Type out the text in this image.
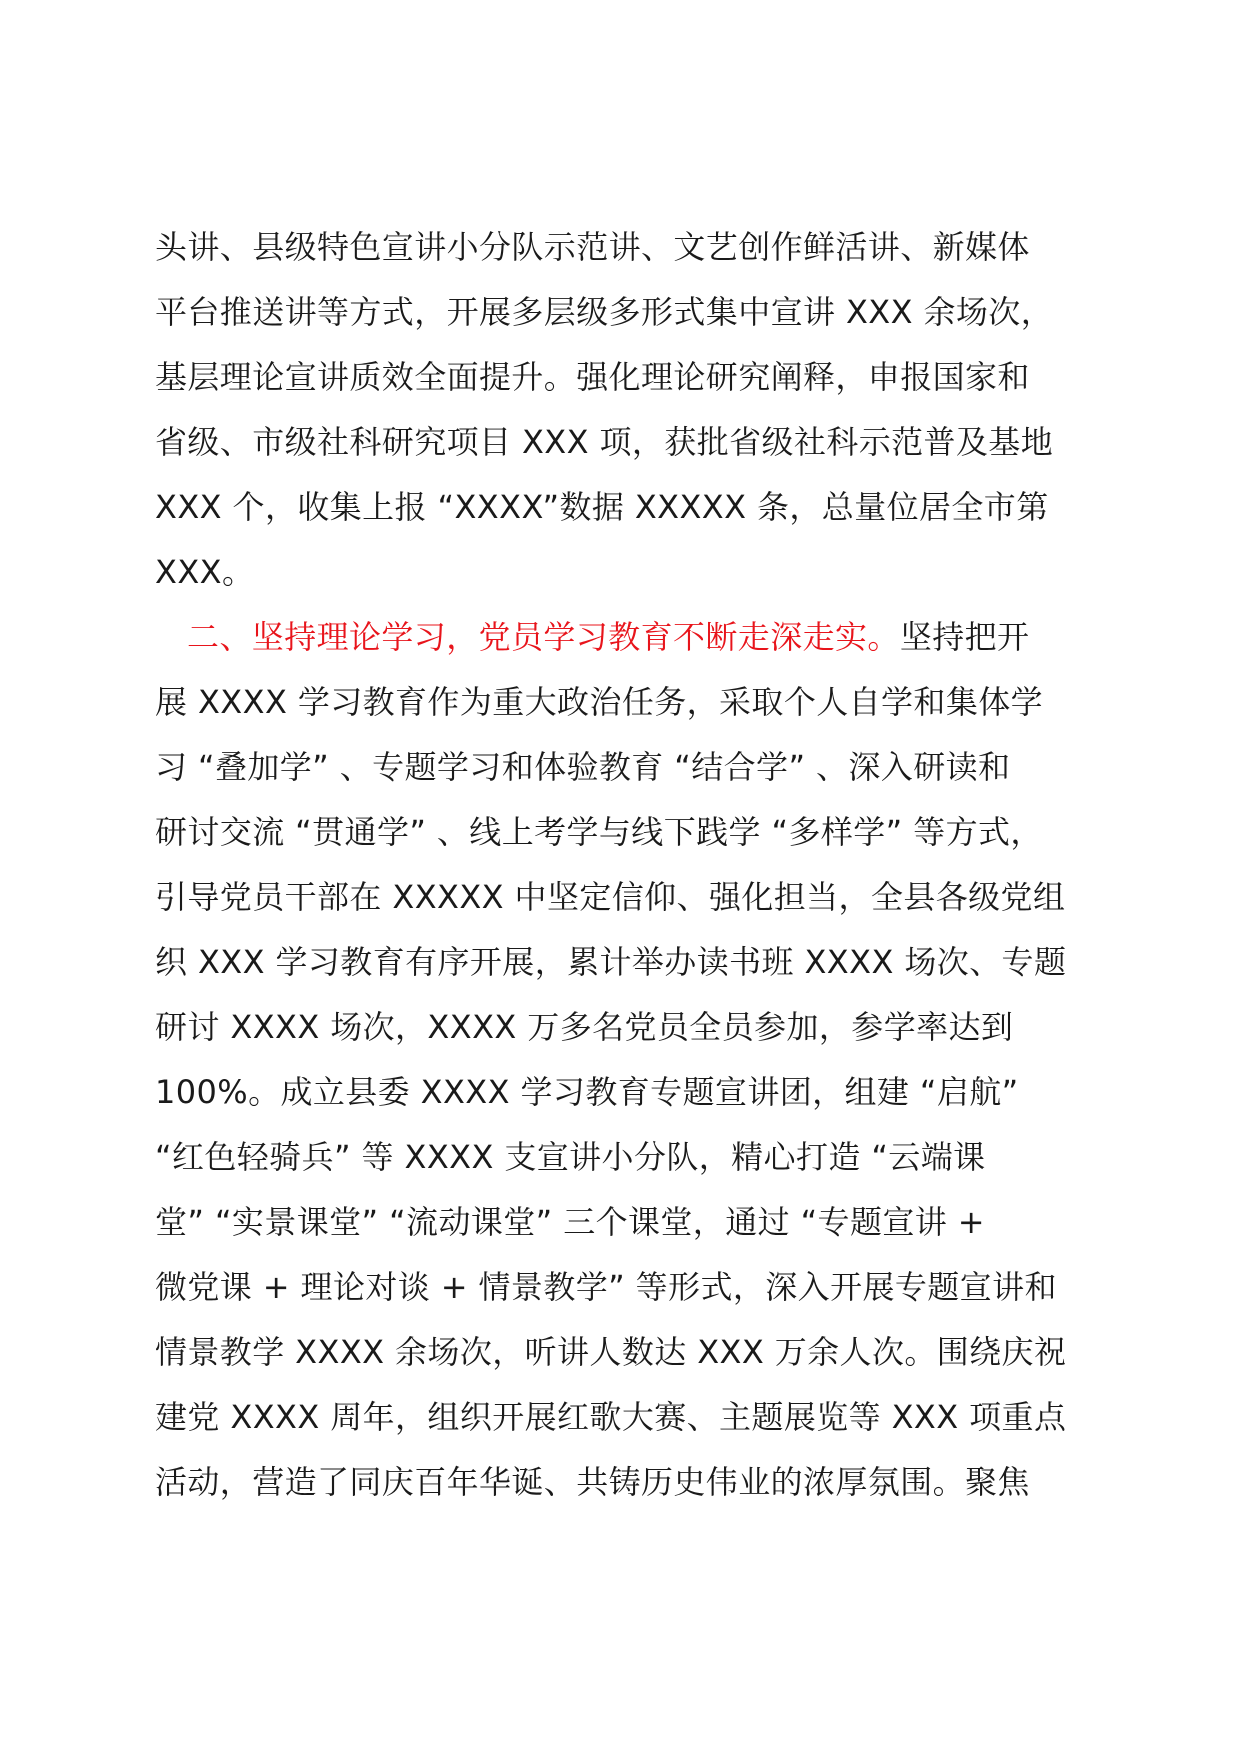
头讲、县级特色宣讲小分队示范讲、文艺创作鲜活讲、新媒体
平台推送讲等方式，开展多层级多形式集中宣讲 XXX 余场次，
基层理论宣讲质效全面提升。强化理论研究阐释，申报国家和
省级、市级社科研究项目 XXX 项，获批省级社科示范普及基地
XXX 个，收集上报 “XXXX”数据 XXXXX 条，总量位居全市第
XXX。
二、坚持理论学习，党员学习教育不断走深走实。坚持把开
展 XXXX 学习教育作为重大政治任务，采取个人自学和集体学
习 “叠加学” 、专题学习和体验教育 “结合学” 、深入研读和
研讨交流 “贯通学” 、线上考学与线下践学 “多样学” 等方式，
引导党员干部在 XXXXX 中坚定信仰、强化担当，全县各级党组
织 XXX 学习教育有序开展，累计举办读书班 XXXX 场次、专题
研讨 XXXX 场次，XXXX 万多名党员全员参加，参学率达到
100%。成立县委 XXXX 学习教育专题宣讲团，组建 “启航”
“红色轻骑兵” 等 XXXX 支宣讲小分队，精心打造 “云端课
堂” “实景课堂” “流动课堂” 三个课堂，通过 “专题宣讲 +
微党课 + 理论对谈 + 情景教学” 等形式，深入开展专题宣讲和
情景教学 XXXX 余场次，听讲人数达 XXX 万余人次。围绕庆祝
建党 XXXX 周年，组织开展红歌大赛、主题展览等 XXX 项重点
活动，营造了同庆百年华诞、共铸历史伟业的浓厚氛围。聚焦
